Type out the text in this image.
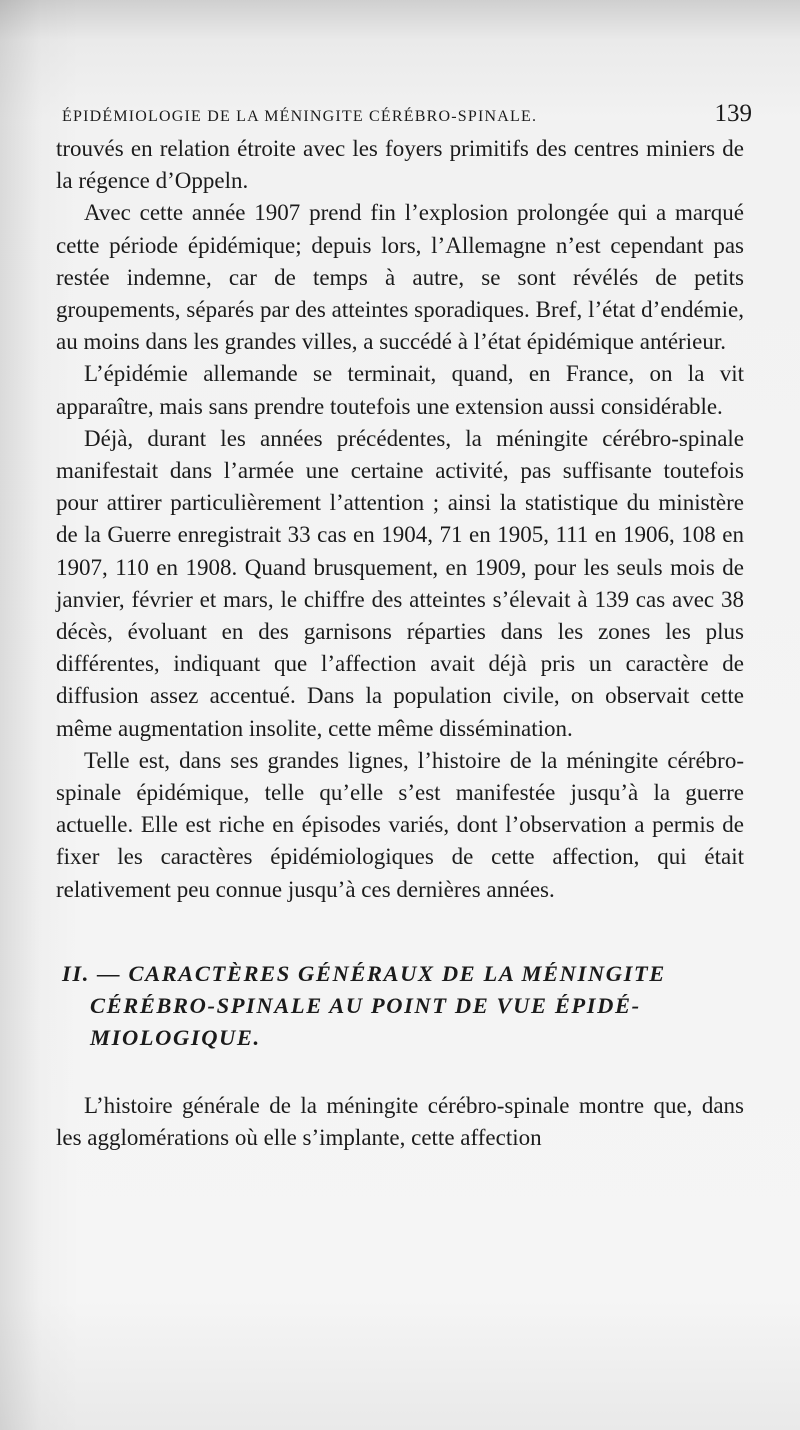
ÉPIDÉMIOLOGIE DE LA MÉNINGITE CÉRÉBRO-SPINALE.	139

trouvés en relation étroite avec les foyers primitifs des centres miniers de la régence d’Oppeln.

Avec cette année 1907 prend fin l’explosion prolongée qui a marqué cette période épidémique; depuis lors, l’Allemagne n’est cependant pas restée indemne, car de temps à autre, se sont révélés de petits groupements, séparés par des atteintes sporadiques. Bref, l’état d’endémie, au moins dans les grandes villes, a succédé à l’état épidémique antérieur.

L’épidémie allemande se terminait, quand, en France, on la vit apparaître, mais sans prendre toutefois une extension aussi considérable.

Déjà, durant les années précédentes, la méningite cérébro-spinale manifestait dans l’armée une certaine activité, pas suffisante toutefois pour attirer particulièrement l’attention ; ainsi la statistique du ministère de la Guerre enregistrait 33 cas en 1904, 71 en 1905, 111 en 1906, 108 en 1907, 110 en 1908. Quand brusquement, en 1909, pour les seuls mois de janvier, février et mars, le chiffre des atteintes s’élevait à 139 cas avec 38 décès, évoluant en des garnisons réparties dans les zones les plus différentes, indiquant que l’affection avait déjà pris un caractère de diffusion assez accentué. Dans la population civile, on observait cette même augmentation insolite, cette même dissémination.

Telle est, dans ses grandes lignes, l’histoire de la méningite cérébro-spinale épidémique, telle qu’elle s’est manifestée jusqu’à la guerre actuelle. Elle est riche en épisodes variés, dont l’observation a permis de fixer les caractères épidémiologiques de cette affection, qui était relativement peu connue jusqu’à ces dernières années.

II. — CARACTÈRES GÉNÉRAUX DE LA MÉNINGITE
CÉRÉBRO-SPINALE AU POINT DE VUE ÉPIDÉ-
MIOLOGIQUE.

L’histoire générale de la méningite cérébro-spinale montre que, dans les agglomérations où elle s’implante, cette affection
